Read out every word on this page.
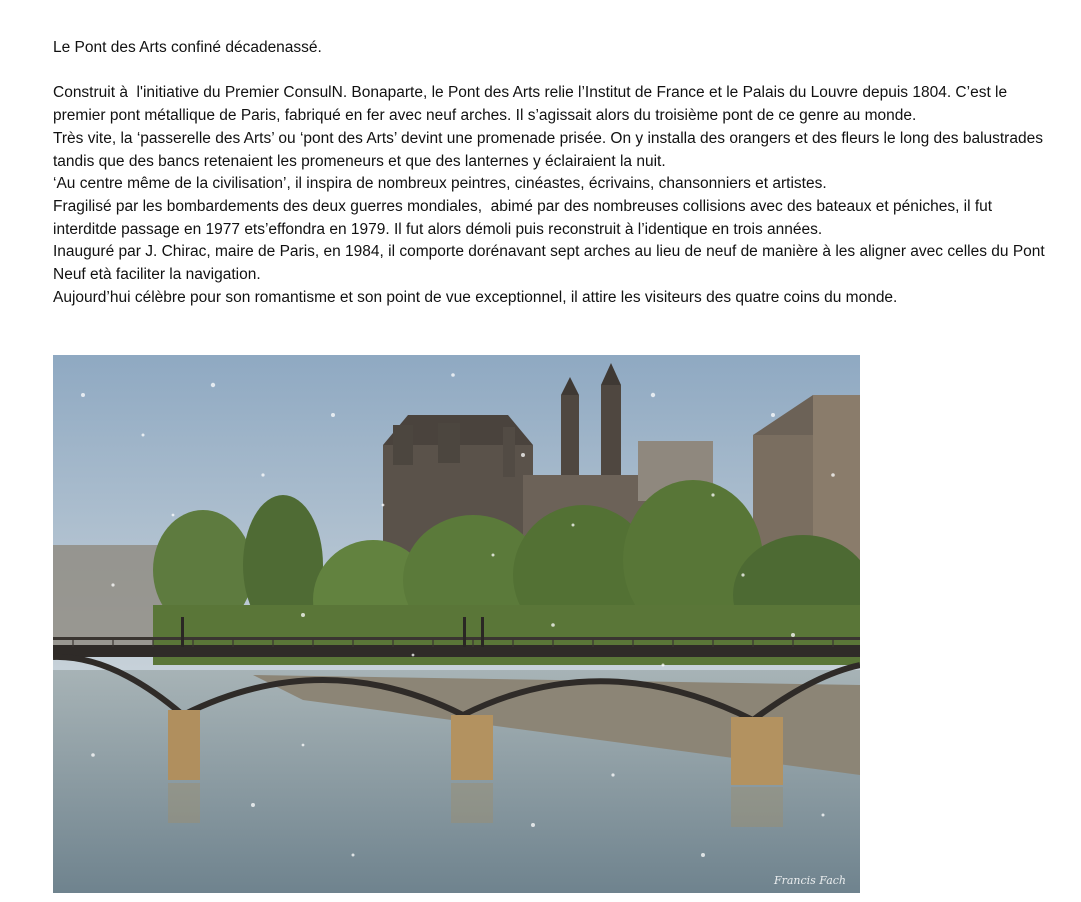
Le Pont des Arts confiné décadenassé.

Construit à  l'initiative du Premier ConsulN. Bonaparte, le Pont des Arts relie l’Institut de France et le Palais du Louvre depuis 1804. C’est le premier pont métallique de Paris, fabriqué en fer avec neuf arches. Il s’agissait alors du troisième pont de ce genre au monde.

Très vite, la ‘passerelle des Arts’ ou ‘pont des Arts’ devint une promenade prisée. On y installa des orangers et des fleurs le long des balustrades tandis que des bancs retenaient les promeneurs et que des lanternes y éclairaient la nuit.

‘Au centre même de la civilisation’, il inspira de nombreux peintres, cinéastes, écrivains, chansonniers et artistes.

Fragilisé par les bombardements des deux guerres mondiales,  abimé par des nombreuses collisions avec des bateaux et péniches, il fut interditde passage en 1977 ets’effondra en 1979. Il fut alors démoli puis reconstruit à l’identique en trois années.

Inauguré par J. Chirac, maire de Paris, en 1984, il comporte dorénavant sept arches au lieu de neuf de manière à les aligner avec celles du Pont Neuf età faciliter la navigation.

Aujourd’hui célèbre pour son romantisme et son point de vue exceptionnel, il attire les visiteurs des quatre coins du monde.

Francis Fach
